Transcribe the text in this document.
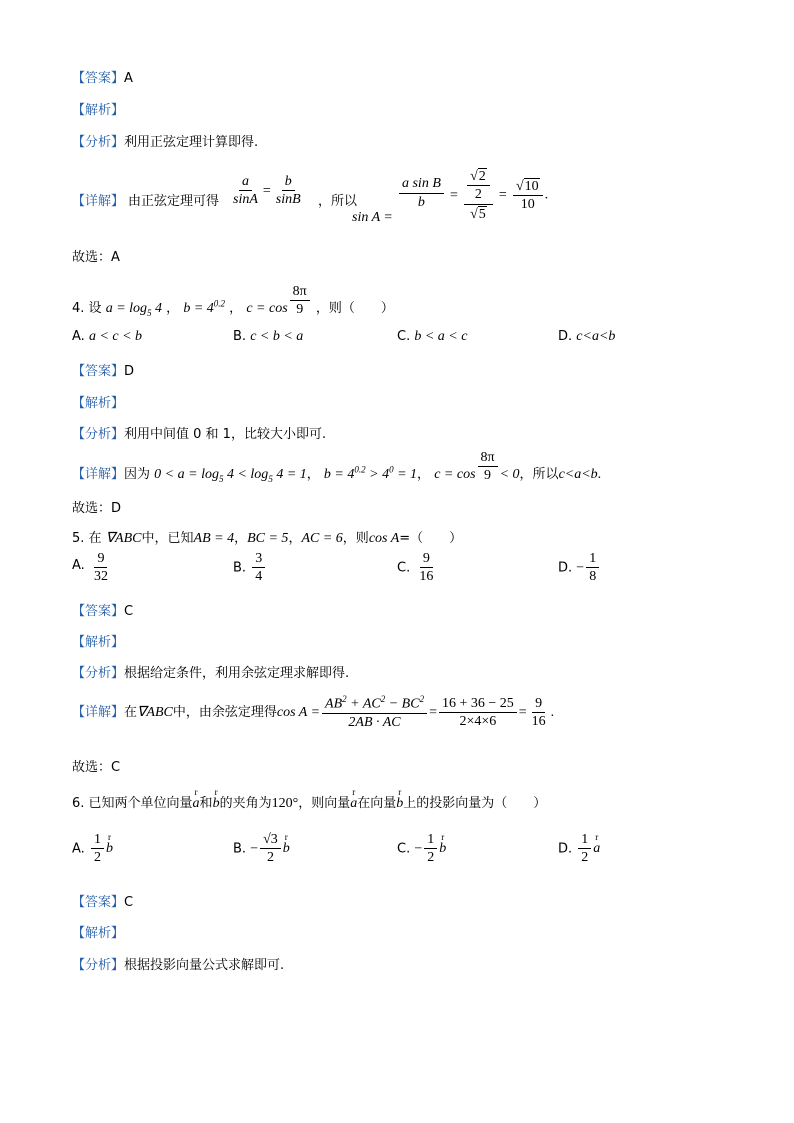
【答案】A
【解析】
【分析】利用正弦定理计算即得.
【详解】 由正弦定理可得 $\frac{a}{\sin A} = \frac{b}{\sin B}$ ，所以
sin A =
$\frac{\text{a sin B}}{b} = \frac{\frac{√2}{2}}{√5} = \frac{√10}{10}$ .
故选：A
4. 设 $a = \log_5 4$ ， $b = 4^{0.2}$ ， $c = \cos \frac{8\pi}{9}$ ，则（　　）
A. a < c < b	B. c < b < a	C. b < a < c	D. c<a<b
【答案】D
【解析】
【分析】利用中间值 0 和 1，比较大小即可.
【详解】因为 $0 < a = \log_5 4 < \log_5 4 = 1$， $b = 4^{0.2} > 4^0 = 1$， $c = \cos \frac{8\pi}{9} < 0$，所以c<a<b.
故选：D
5. 在 ∇ABC中，已知AB = 4，BC = 5，AC = 6，则cos A=（　　）
A. $\frac{9}{32}$	B. $\frac{3}{4}$	C. $\frac{9}{16}$	D. − $\frac{1}{8}$
【答案】C
【解析】
【分析】根据给定条件，利用余弦定理求解即得.
【详解】在∇ABC中，由余弦定理得$\cos A = \frac{AB^2 + AC^2 - BC^2}{2AB \cdot AC} = \frac{16 + 36 - 25}{2\times 4\times 6} = \frac{9}{16}$ .
故选：C
6. 已知两个单位向量r a和r b的夹角为120°，则向量r a在向量r b上的投影向量为（　　）
A. $\frac{1}{2}$ r b	B. − $\frac{√3}{2}$ r b	C. − $\frac{1}{2}$ r b	D. $\frac{1}{2}$ r a
【答案】C
【解析】
【分析】根据投影向量公式求解即可.
